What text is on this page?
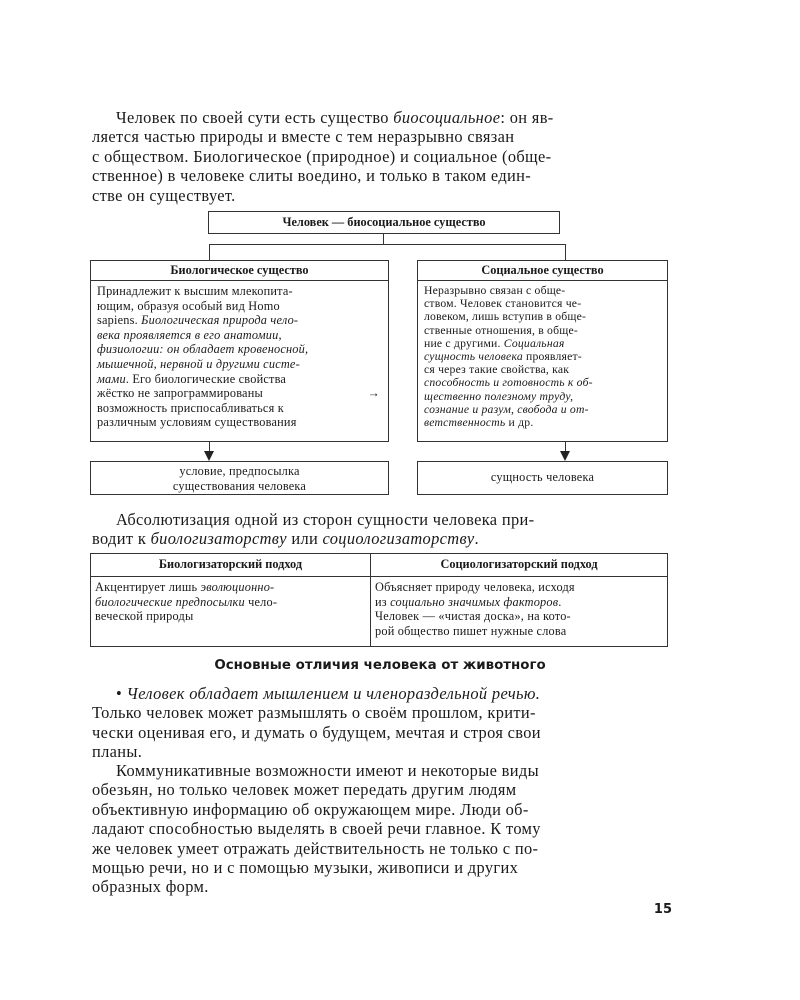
Человек по своей сути есть существо биосоциальное: он яв-
ляется частью природы и вместе с тем неразрывно связан
с обществом. Биологическое (природное) и социальное (обще-
ственное) в человеке слиты воедино, и только в таком един-
стве он существует.
Человек — биосоциальное существо
Биологическое существо
Принадлежит к высшим млекопита-
ющим, образуя особый вид Homo
sapiens. Биологическая природа чело-
века проявляется в его анатомии,
физиологии: он обладает кровеносной,
мышечной, нервной и другими систе-
мами. Его биологические свойства
жёстко не запрограммированы	→
возможность приспосабливаться к
различным условиям существования
условие, предпосылка
существования человека
Социальное существо
Неразрывно связан с обще-
ством. Человек становится че-
ловеком, лишь вступив в обще-
ственные отношения, в обще-
ние с другими. Социальная
сущность человека проявляет-
ся через такие свойства, как
способность и готовность к об-
щественно полезному труду,
сознание и разум, свобода и от-
ветственность и др.
сущность человека
Абсолютизация одной из сторон сущности человека при-
водит к биологизаторству или социологизаторству.
Биологизаторский подход	Социологизаторский подход
Акцентирует лишь эволюционно-
биологические предпосылки чело-
веческой природы
Объясняет природу человека, исходя
из социально значимых факторов.
Человек — «чистая доска», на кото-
рой общество пишет нужные слова
Основные отличия человека от животного
• Человек обладает мышлением и членораздельной речью.
Только человек может размышлять о своём прошлом, крити-
чески оценивая его, и думать о будущем, мечтая и строя свои
планы.
Коммуникативные возможности имеют и некоторые виды
обезьян, но только человек может передать другим людям
объективную информацию об окружающем мире. Люди об-
ладают способностью выделять в своей речи главное. К тому
же человек умеет отражать действительность не только с по-
мощью речи, но и с помощью музыки, живописи и других
образных форм.
15
